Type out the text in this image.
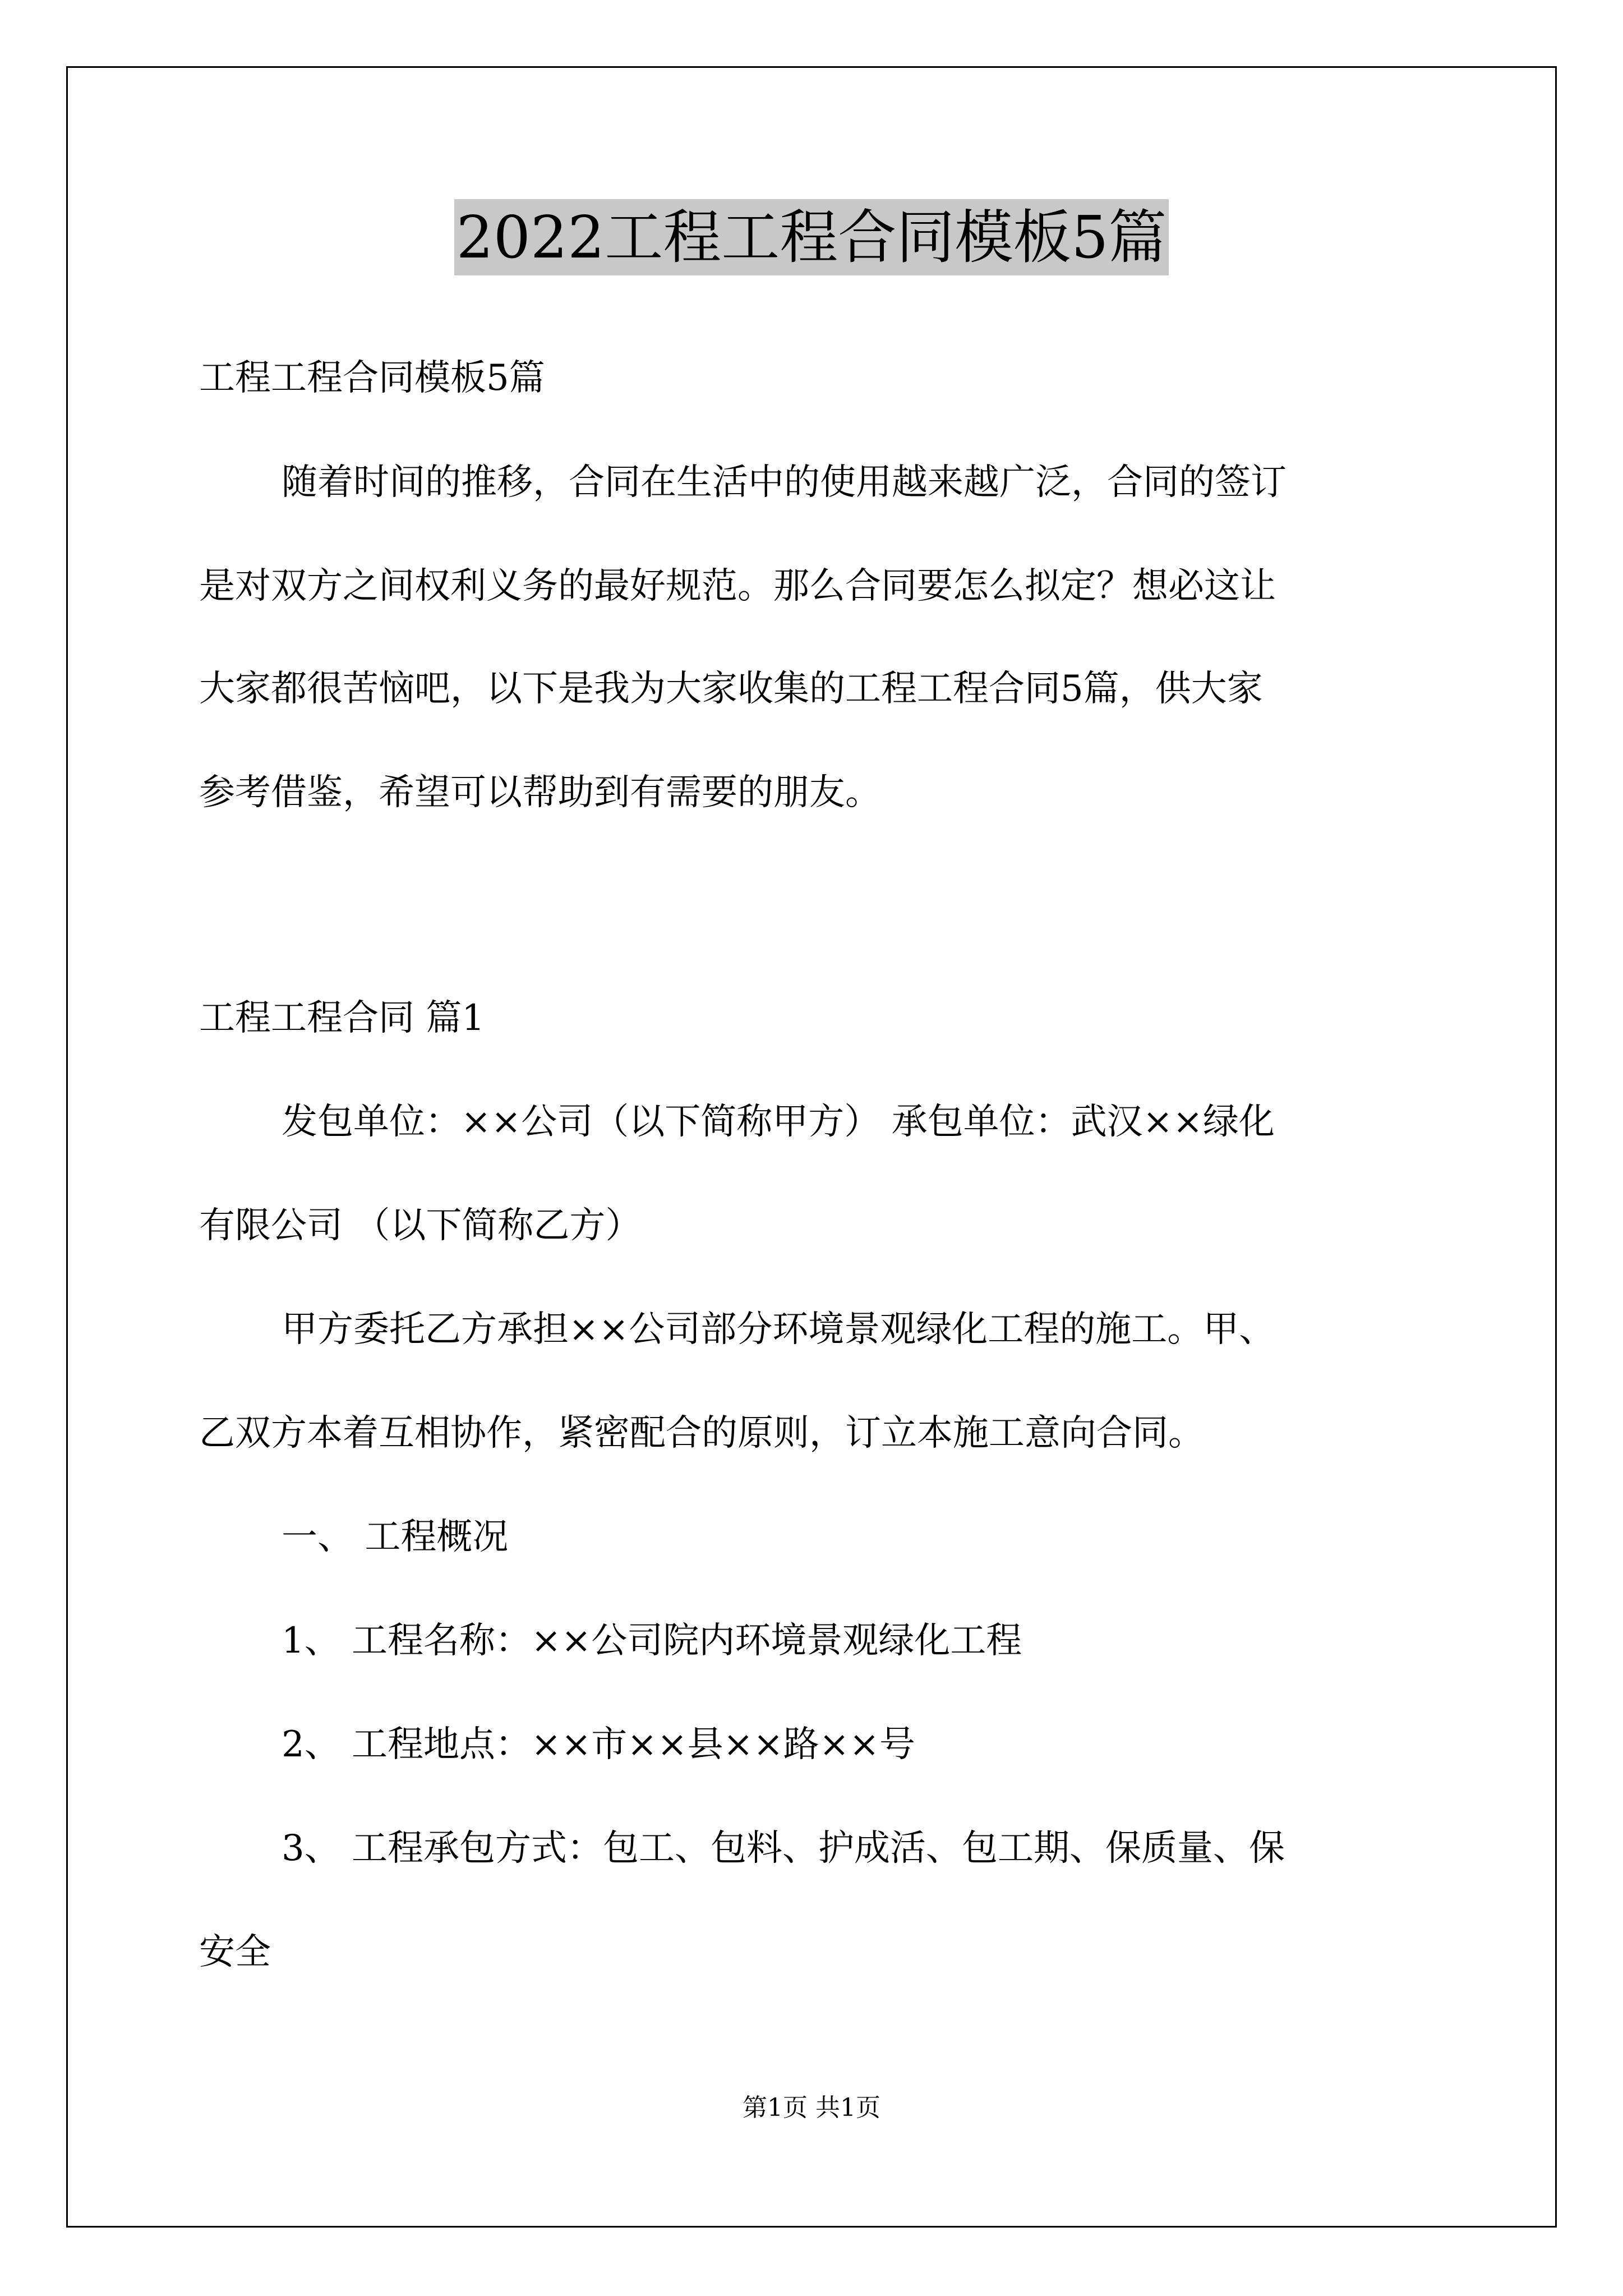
2022工程工程合同模板5篇
工程工程合同模板5篇
随着时间的推移，合同在生活中的使用越来越广泛，合同的签订
是对双方之间权利义务的最好规范。那么合同要怎么拟定？想必这让
大家都很苦恼吧，以下是我为大家收集的工程工程合同5篇，供大家
参考借鉴，希望可以帮助到有需要的朋友。
工程工程合同 篇1
发包单位：××公司（以下简称甲方） 承包单位：武汉××绿化
有限公司 （以下简称乙方）
甲方委托乙方承担××公司部分环境景观绿化工程的施工。甲、
乙双方本着互相协作，紧密配合的原则，订立本施工意向合同。
一、 工程概况
1、 工程名称：××公司院内环境景观绿化工程
2、 工程地点：××市××县××路××号
3、 工程承包方式：包工、包料、护成活、包工期、保质量、保
安全
第1页 共1页
